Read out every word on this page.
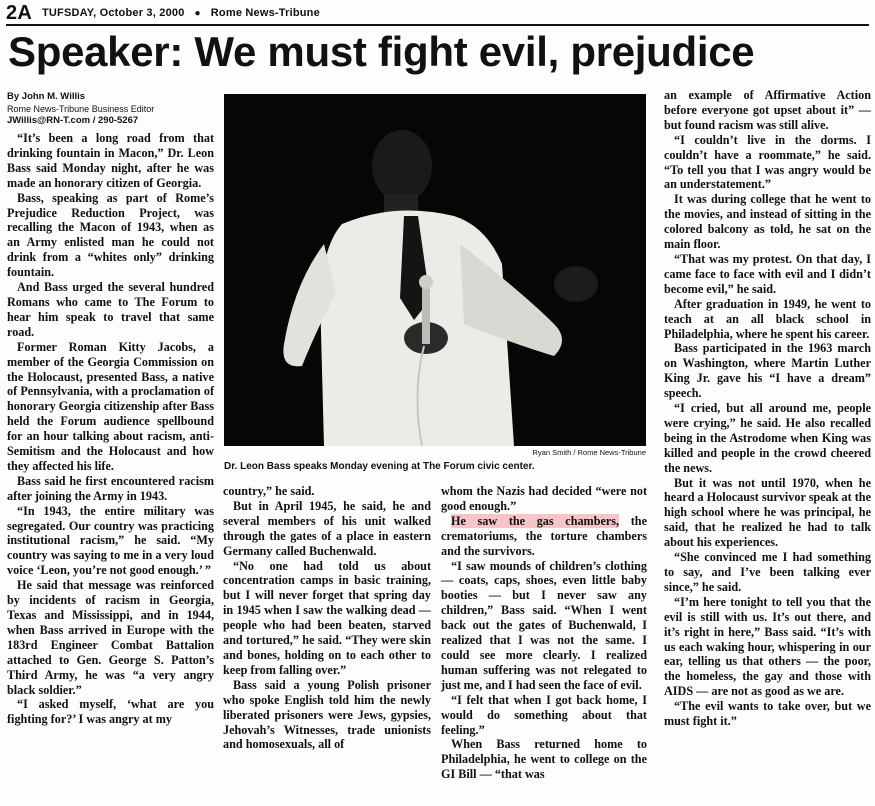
2A TUFSDAY, October 3, 2000 ● Rome News-Tribune
Speaker: We must fight evil, prejudice
By John M. Willis
Rome News-Tribune Business Editor
JWillis@RN-T.com / 290-5267

“It’s been a long road from that drinking fountain in Macon,” Dr. Leon Bass said Monday night, after he was made an honorary citizen of Georgia.

Bass, speaking as part of Rome’s Prejudice Reduction Project, was recalling the Macon of 1943, when as an Army enlisted man he could not drink from a “whites only” drinking fountain.

And Bass urged the several hundred Romans who came to The Forum to hear him speak to travel that same road.

Former Roman Kitty Jacobs, a member of the Georgia Commission on the Holocaust, presented Bass, a native of Pennsylvania, with a proclamation of honorary Georgia citizenship after Bass held the Forum audience spellbound for an hour talking about racism, anti-Semitism and the Holocaust and how they affected his life.

Bass said he first encountered racism after joining the Army in 1943.

“In 1943, the entire military was segregated. Our country was practicing institutional racism,” he said. “My country was saying to me in a very loud voice ‘Leon, you’re not good enough.’ ”

He said that message was reinforced by incidents of racism in Georgia, Texas and Mississippi, and in 1944, when Bass arrived in Europe with the 183rd Engineer Combat Battalion attached to Gen. George S. Patton’s Third Army, he was “a very angry black soldier.”

“I asked myself, ‘what are you fighting for?’ I was angry at my

Ryan Smith / Rome News-Tribune
Dr. Leon Bass speaks Monday evening at The Forum civic center.

country,” he said.

But in April 1945, he said, he and several members of his unit walked through the gates of a place in eastern Germany called Buchenwald.

“No one had told us about concentration camps in basic training, but I will never forget that spring day in 1945 when I saw the walking dead — people who had been beaten, starved and tortured,” he said. “They were skin and bones, holding on to each other to keep from falling over.”

Bass said a young Polish prisoner who spoke English told him the newly liberated prisoners were Jews, gypsies, Jehovah’s Witnesses, trade unionists and homosexuals, all of

whom the Nazis had decided “were not good enough.”

He saw the gas chambers, the crematoriums, the torture chambers and the survivors.

“I saw mounds of children’s clothing — coats, caps, shoes, even little baby booties — but I never saw any children,” Bass said. “When I went back out the gates of Buchenwald, I realized that I was not the same. I could see more clearly. I realized human suffering was not relegated to just me, and I had seen the face of evil.

“I felt that when I got back home, I would do something about that feeling.”

When Bass returned home to Philadelphia, he went to college on the GI Bill — “that was

an example of Affirmative Action before everyone got upset about it” — but found racism was still alive.

“I couldn’t live in the dorms. I couldn’t have a roommate,” he said. “To tell you that I was angry would be an understatement.”

It was during college that he went to the movies, and instead of sitting in the colored balcony as told, he sat on the main floor.

“That was my protest. On that day, I came face to face with evil and I didn’t become evil,” he said.

After graduation in 1949, he went to teach at an all black school in Philadelphia, where he spent his career.

Bass participated in the 1963 march on Washington, where Martin Luther King Jr. gave his “I have a dream” speech.

“I cried, but all around me, people were crying,” he said. He also recalled being in the Astrodome when King was killed and people in the crowd cheered the news.

But it was not until 1970, when he heard a Holocaust survivor speak at the high school where he was principal, he said, that he realized he had to talk about his experiences.

“She convinced me I had something to say, and I’ve been talking ever since,” he said.

“I’m here tonight to tell you that the evil is still with us. It’s out there, and it’s right in here,” Bass said. “It’s with us each waking hour, whispering in our ear, telling us that others — the poor, the homeless, the gay and those with AIDS — are not as good as we are.

“The evil wants to take over, but we must fight it.”
